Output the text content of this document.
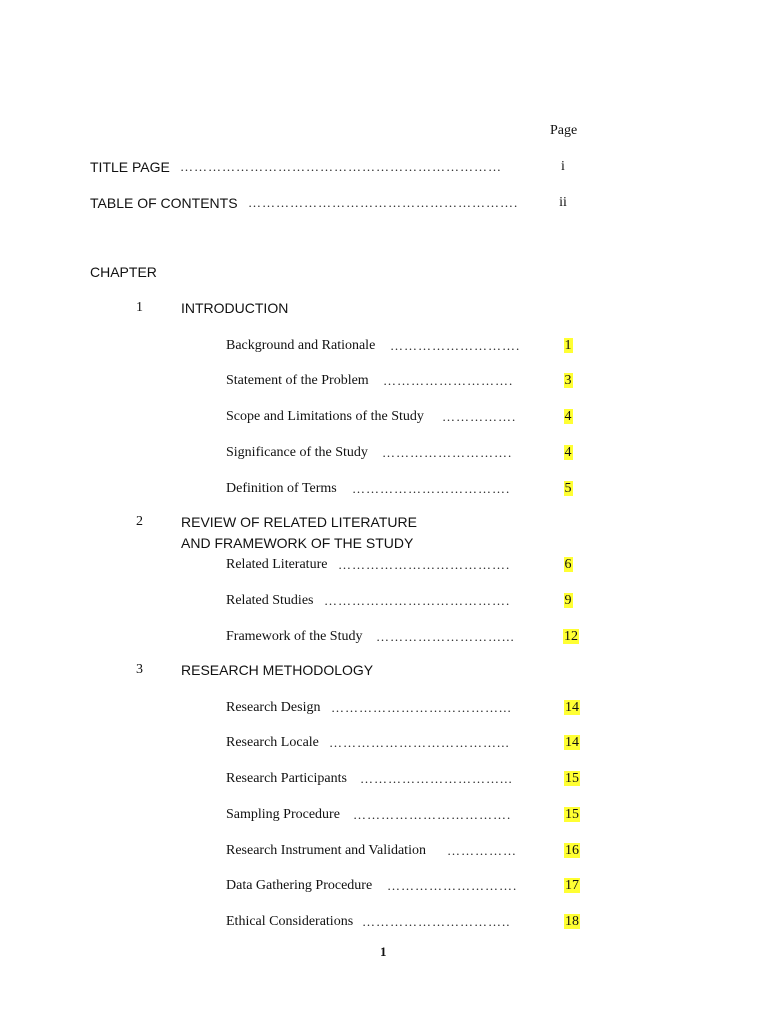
Page
TITLE PAGE ……………………………………………………………	i
TABLE OF CONTENTS ………………………………………………….	ii
CHAPTER
1	INTRODUCTION
Background and Rationale ……………………….	1
Statement of the Problem ……………………….	3
Scope and Limitations of the Study …………….	4
Significance of the Study ……………………….	4
Definition of Terms …………………………….	5
2	REVIEW OF RELATED LITERATURE
AND FRAMEWORK OF THE STUDY
Related Literature ……………………………….	6
Related Studies ………………………………….	9
Framework of the Study ………………………...	12
3	RESEARCH METHODOLOGY
Research Design ………………………………...	14
Research Locale ………………………………...	14
Research Participants …………………………...	15
Sampling Procedure …………………………….	15
Research Instrument and Validation ……………	16
Data Gathering Procedure ……………………….	17
Ethical Considerations …………………………..	18
1
